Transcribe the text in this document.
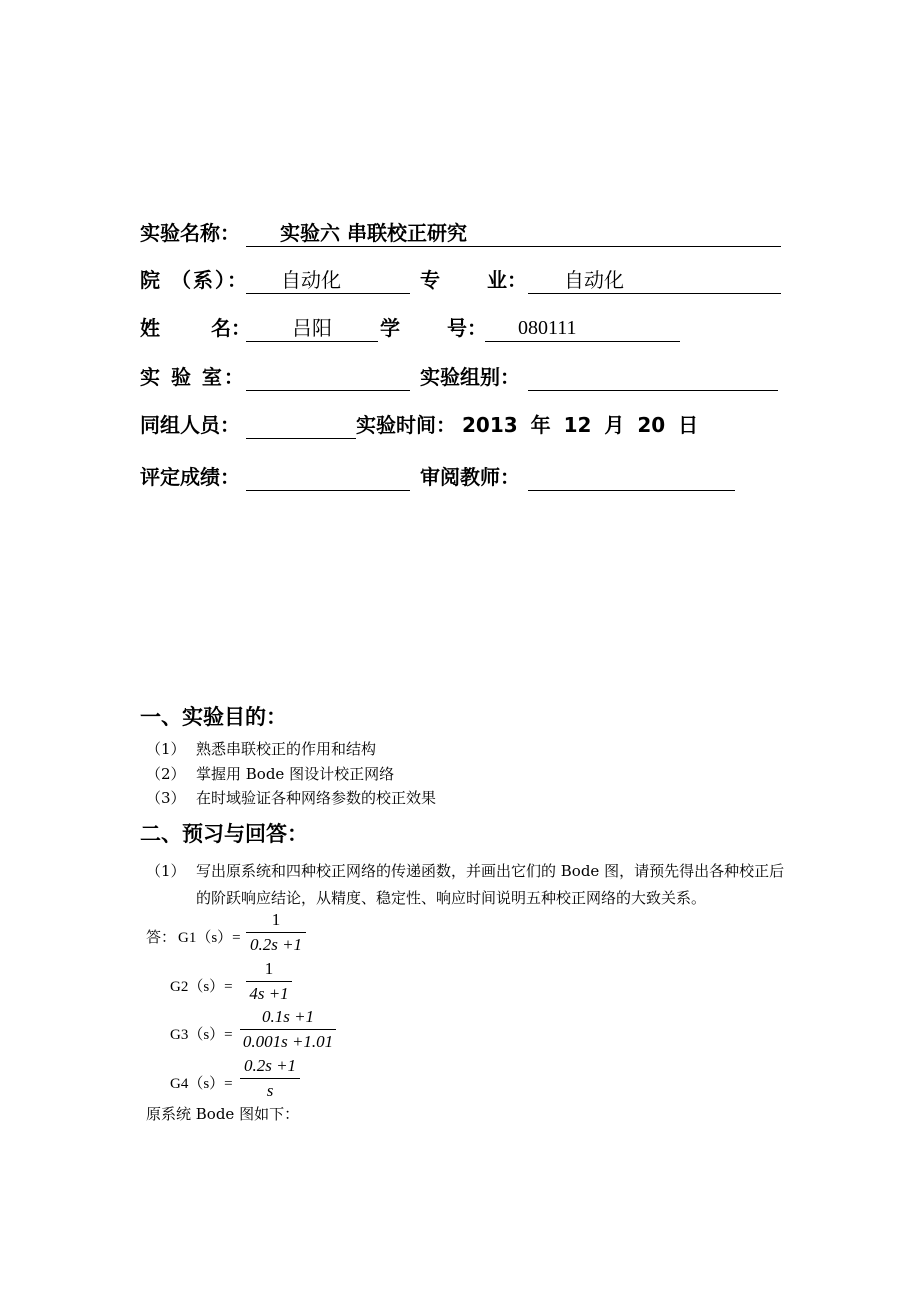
实验名称： 实验六 串联校正研究
院 （系）： 自动化	专 业： 自动化
姓 名： 吕阳 学 号： 080111
实 验 室：	实验组别：
同组人员：	实验时间： 2013 年 12 月 20 日
评定成绩：	审阅教师：
一、实验目的：
（1） 熟悉串联校正的作用和结构
（2） 掌握用 Bode 图设计校正网络
（3） 在时域验证各种网络参数的校正效果
二、预习与回答：
（1） 写出原系统和四种校正网络的传递函数，并画出它们的 Bode 图，请预先得出各种校正后的阶跃响应结论，从精度、稳定性、响应时间说明五种校正网络的大致关系。
答： G1（s）=
1
0.2s +1
G2（s）=
1
4s +1
G3（s）=
0.1s +1
0.001s +1.01
G4（s）=
0.2s +1
s
原系统 Bode 图如下：
